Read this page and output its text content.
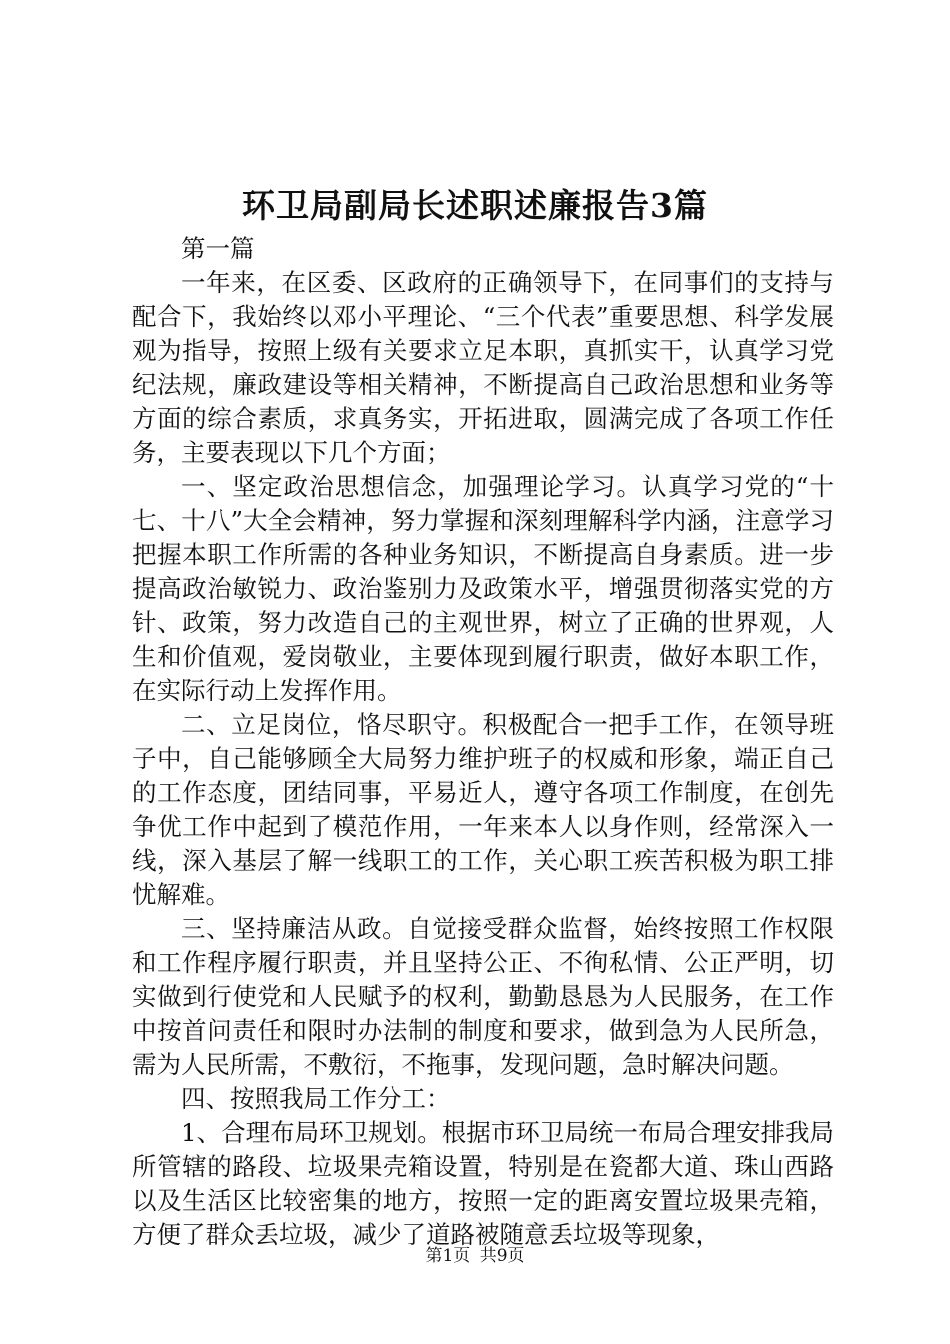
环卫局副局长述职述廉报告3篇

第一篇

一年来，在区委、区政府的正确领导下，在同事们的支持与配合下，我始终以邓小平理论、“三个代表”重要思想、科学发展观为指导，按照上级有关要求立足本职，真抓实干，认真学习党纪法规，廉政建设等相关精神，不断提高自己政治思想和业务等方面的综合素质，求真务实，开拓进取，圆满完成了各项工作任务，主要表现以下几个方面；

一、坚定政治思想信念，加强理论学习。认真学习党的“十七、十八”大全会精神，努力掌握和深刻理解科学内涵，注意学习把握本职工作所需的各种业务知识，不断提高自身素质。进一步提高政治敏锐力、政治鉴别力及政策水平，增强贯彻落实党的方针、政策，努力改造自己的主观世界，树立了正确的世界观，人生和价值观，爱岗敬业，主要体现到履行职责，做好本职工作，在实际行动上发挥作用。

二、立足岗位，恪尽职守。积极配合一把手工作，在领导班子中，自己能够顾全大局努力维护班子的权威和形象，端正自己的工作态度，团结同事，平易近人，遵守各项工作制度，在创先争优工作中起到了模范作用，一年来本人以身作则，经常深入一线，深入基层了解一线职工的工作，关心职工疾苦积极为职工排忧解难。

三、坚持廉洁从政。自觉接受群众监督，始终按照工作权限和工作程序履行职责，并且坚持公正、不徇私情、公正严明，切实做到行使党和人民赋予的权利，勤勤恳恳为人民服务，在工作中按首问责任和限时办法制的制度和要求，做到急为人民所急，需为人民所需，不敷衍，不拖事，发现问题，急时解决问题。

四、按照我局工作分工：

1、合理布局环卫规划。根据市环卫局统一布局合理安排我局所管辖的路段、垃圾果壳箱设置，特别是在瓷都大道、珠山西路以及生活区比较密集的地方，按照一定的距离安置垃圾果壳箱，方便了群众丢垃圾，减少了道路被随意丢垃圾等现象，

第1页 共9页
